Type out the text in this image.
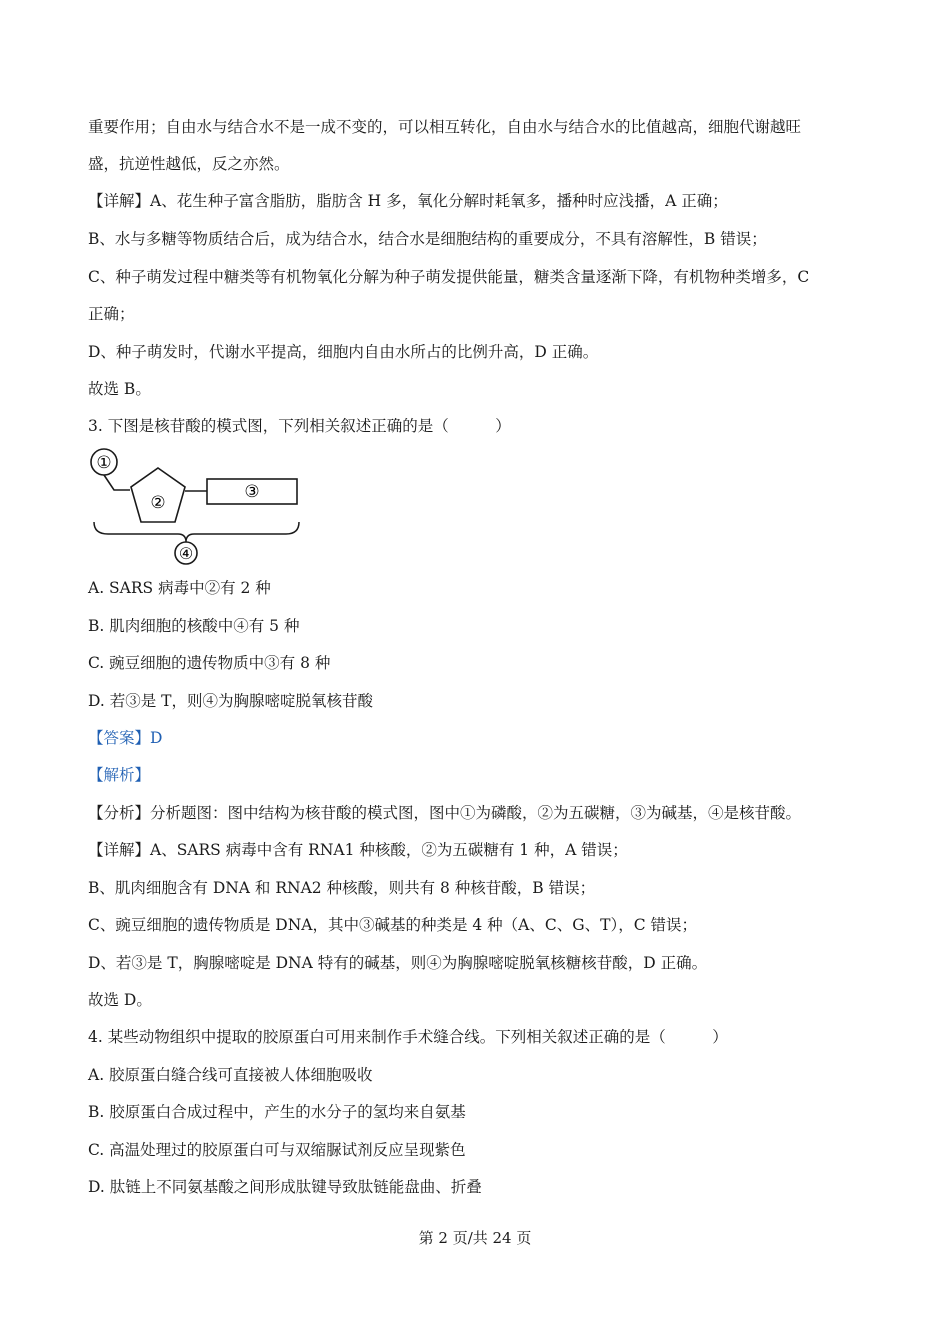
重要作用；自由水与结合水不是一成不变的，可以相互转化，自由水与结合水的比值越高，细胞代谢越旺
盛，抗逆性越低，反之亦然。
【详解】A、花生种子富含脂肪，脂肪含 H 多，氧化分解时耗氧多，播种时应浅播，A 正确；
B、水与多糖等物质结合后，成为结合水，结合水是细胞结构的重要成分，不具有溶解性，B 错误；
C、种子萌发过程中糖类等有机物氧化分解为种子萌发提供能量，糖类含量逐渐下降，有机物种类增多，C
正确；
D、种子萌发时，代谢水平提高，细胞内自由水所占的比例升高，D 正确。
故选 B。
3. 下图是核苷酸的模式图，下列相关叙述正确的是（　　　）
①
②
③
④
A. SARS 病毒中②有 2 种
B. 肌肉细胞的核酸中④有 5 种
C. 豌豆细胞的遗传物质中③有 8 种
D. 若③是 T，则④为胸腺嘧啶脱氧核苷酸
【答案】D
【解析】
【分析】分析题图：图中结构为核苷酸的模式图，图中①为磷酸，②为五碳糖，③为碱基，④是核苷酸。
【详解】A、SARS 病毒中含有 RNA1 种核酸，②为五碳糖有 1 种，A 错误；
B、肌肉细胞含有 DNA 和 RNA2 种核酸，则共有 8 种核苷酸，B 错误；
C、豌豆细胞的遗传物质是 DNA，其中③碱基的种类是 4 种（A、C、G、T），C 错误；
D、若③是 T，胸腺嘧啶是 DNA 特有的碱基，则④为胸腺嘧啶脱氧核糖核苷酸，D 正确。
故选 D。
4. 某些动物组织中提取的胶原蛋白可用来制作手术缝合线。下列相关叙述正确的是（　　　）
A. 胶原蛋白缝合线可直接被人体细胞吸收
B. 胶原蛋白合成过程中，产生的水分子的氢均来自氨基
C. 高温处理过的胶原蛋白可与双缩脲试剂反应呈现紫色
D. 肽链上不同氨基酸之间形成肽键导致肽链能盘曲、折叠
第 2 页/共 24 页
